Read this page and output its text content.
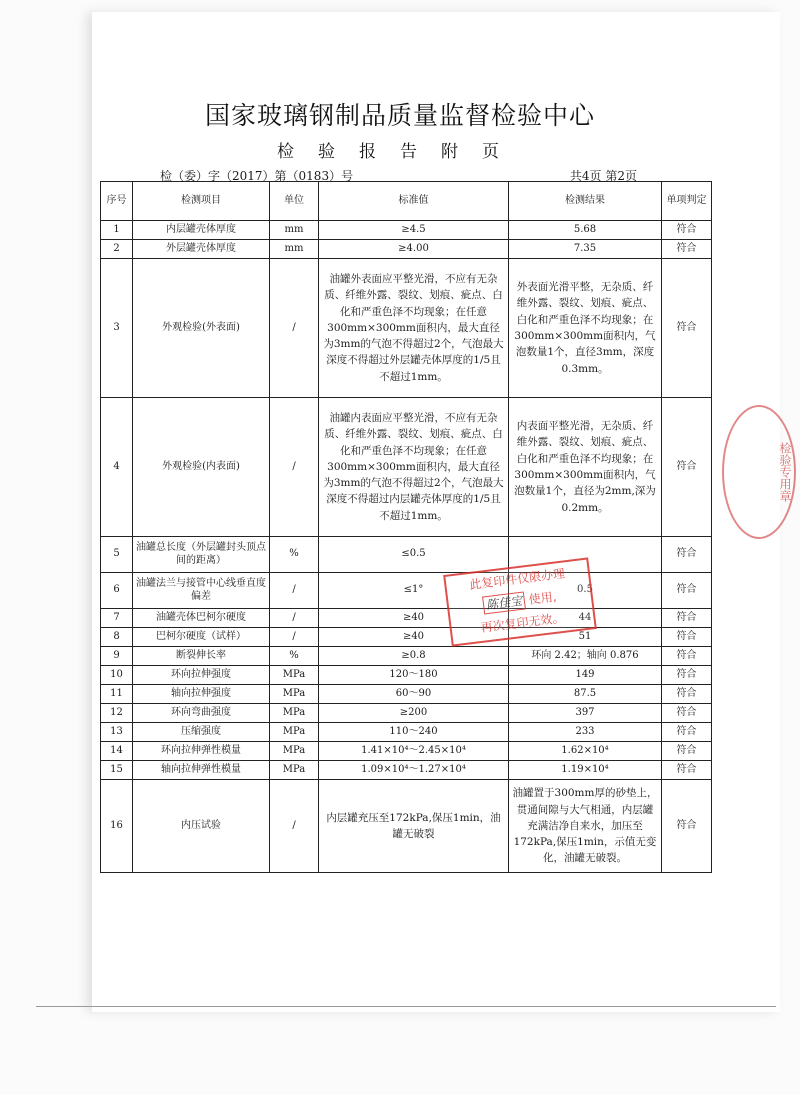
国家玻璃钢制品质量监督检验中心
检验报告附页
检（委）字（2017）第（0183）号	共4页 第2页
序号	检测项目	单位	标准值	检测结果	单项判定
1	内层罐壳体厚度	mm	≥4.5	5.68	符合
2	外层罐壳体厚度	mm	≥4.00	7.35	符合
3	外观检验(外表面)	/	油罐外表面应平整光滑，不应有无杂质、纤维外露、裂纹、划痕、疵点、白化和严重色泽不均现象；在任意300mm×300mm面积内，最大直径为3mm的气泡不得超过2个，气泡最大深度不得超过外层罐壳体厚度的1/5且不超过1mm。	外表面光滑平整，无杂质、纤维外露、裂纹、划痕、疵点、白化和严重色泽不均现象；在300mm×300mm面积内，气泡数量1个，直径3mm，深度0.3mm。	符合
4	外观检验(内表面)	/	油罐内表面应平整光滑，不应有无杂质、纤维外露、裂纹、划痕、疵点、白化和严重色泽不均现象；在任意300mm×300mm面积内，最大直径为3mm的气泡不得超过2个，气泡最大深度不得超过内层罐壳体厚度的1/5且不超过1mm。	内表面平整光滑，无杂质、纤维外露、裂纹、划痕、疵点、白化和严重色泽不均现象；在300mm×300mm面积内，气泡数量1个，直径为2mm,深为0.2mm。	符合
5	油罐总长度（外层罐封头顶点间的距离）	%	≤0.5		符合
6	油罐法兰与接管中心线垂直度偏差	/	≤1°	0.5	符合
7	油罐壳体巴柯尔硬度	/	≥40	44	符合
8	巴柯尔硬度（试样）	/	≥40	51	符合
9	断裂伸长率	%	≥0.8	环向 2.42；轴向 0.876	符合
10	环向拉伸强度	MPa	120～180	149	符合
11	轴向拉伸强度	MPa	60～90	87.5	符合
12	环向弯曲强度	MPa	≥200	397	符合
13	压缩强度	MPa	110～240	233	符合
14	环向拉伸弹性模量	MPa	1.41×10⁴～2.45×10⁴	1.62×10⁴	符合
15	轴向拉伸弹性模量	MPa	1.09×10⁴～1.27×10⁴	1.19×10⁴	符合
16	内压试验	/	内层罐充压至172kPa,保压1min，油罐无破裂	油罐置于300mm厚的砂垫上，贯通间隙与大气相通，内层罐充满洁净自来水，加压至172kPa,保压1min，示值无变化，油罐无破裂。	符合
此复印件仅限办理
陈佳宝 使用,
再次复印无效。
检验专用章
